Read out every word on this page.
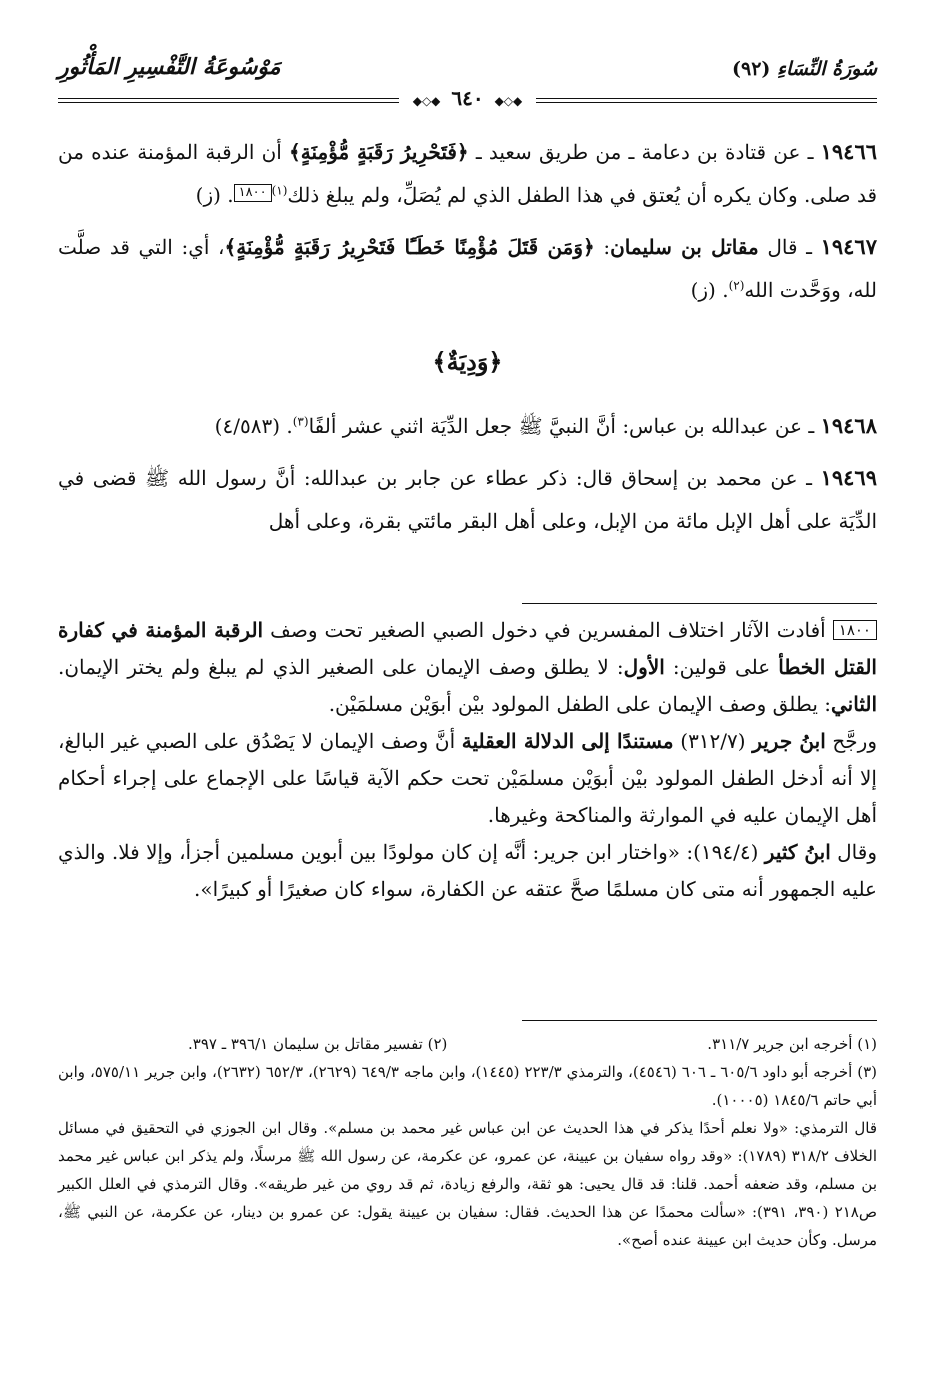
سُورَةُ النِّسَاءِ (٩٢)
مَوْسُوعَةُ التَّفْسِيرِ المَأْثُورِ
◆◇◆ ٦٤٠ ◆◇◆

١٩٤٦٦ ـ عن قتادة بن دعامة ـ من طريق سعيد ـ ﴿فَتَحْرِيرُ رَقَبَةٍ مُّؤْمِنَةٍ﴾ أن الرقبة المؤمنة عنده من قد صلى. وكان يكره أن يُعتق في هذا الطفل الذي لم يُصَلِّ، ولم يبلغ ذلك$^{(١)}$١٨٠٠. (ز)

١٩٤٦٧ ـ قال مقاتل بن سليمان: ﴿وَمَن قَتَلَ مُؤْمِنًا خَطَـًٔا فَتَحْرِيرُ رَقَبَةٍ مُّؤْمِنَةٍ﴾، أي: التي قد صلَّت لله، ووَحَّدت الله$^{(٢)}$. (ز)

﴿وَدِيَةٌ﴾

١٩٤٦٨ ـ عن عبدالله بن عباس: أنَّ النبيَّ ﷺ جعل الدِّيَة اثني عشر ألفًا$^{(٣)}$. (٤/٥٨٣)

١٩٤٦٩ ـ عن محمد بن إسحاق قال: ذكر عطاء عن جابر بن عبدالله: أنَّ رسول الله ﷺ قضى في الدِّيَة على أهل الإبل مائة من الإبل، وعلى أهل البقر مائتي بقرة، وعلى أهل

١٨٠٠ أفادت الآثار اختلاف المفسرين في دخول الصبي الصغير تحت وصف الرقبة المؤمنة في كفارة القتل الخطأ على قولين: الأول: لا يطلق وصف الإيمان على الصغير الذي لم يبلغ ولم يختر الإيمان. الثاني: يطلق وصف الإيمان على الطفل المولود بيْن أبوَيْن مسلمَيْن.

ورجَّح ابنُ جرير (٣١٢/٧) مستندًا إلى الدلالة العقلية أنَّ وصف الإيمان لا يَصْدُق على الصبي غير البالغ، إلا أنه أدخل الطفل المولود بيْن أبوَيْن مسلمَيْن تحت حكم الآية قياسًا على الإجماع على إجراء أحكام أهل الإيمان عليه في الموارثة والمناكحة وغيرها.

وقال ابنُ كثير (١٩٤/٤): «واختار ابن جرير: أنَّه إن كان مولودًا بين أبوين مسلمين أجزأ، وإلا فلا. والذي عليه الجمهور أنه متى كان مسلمًا صحَّ عتقه عن الكفارة، سواء كان صغيرًا أو كبيرًا».

(١) أخرجه ابن جرير ٣١١/٧.
(٢) تفسير مقاتل بن سليمان ٣٩٦/١ ـ ٣٩٧.

(٣) أخرجه أبو داود ٦٠٥/٦ ـ ٦٠٦ (٤٥٤٦)، والترمذي ٢٢٣/٣ (١٤٤٥)، وابن ماجه ٦٤٩/٣ (٢٦٢٩)، ٦٥٢/٣ (٢٦٣٢)، وابن جرير ٥٧٥/١١، وابن أبي حاتم ١٨٤٥/٦ (١٠٠٠٥).

قال الترمذي: «ولا نعلم أحدًا يذكر في هذا الحديث عن ابن عباس غير محمد بن مسلم». وقال ابن الجوزي في التحقيق في مسائل الخلاف ٣١٨/٢ (١٧٨٩): «وقد رواه سفيان بن عيينة، عن عمرو، عن عكرمة، عن رسول الله ﷺ مرسلًا، ولم يذكر ابن عباس غير محمد بن مسلم، وقد ضعفه أحمد. قلنا: قد قال يحيى: هو ثقة، والرفع زيادة، ثم قد روي من غير طريقه». وقال الترمذي في العلل الكبير ص٢١٨ (٣٩٠، ٣٩١): «سألت محمدًا عن هذا الحديث. فقال: سفيان بن عيينة يقول: عن عمرو بن دينار، عن عكرمة، عن النبي ﷺ، مرسل. وكأن حديث ابن عيينة عنده أصح».
